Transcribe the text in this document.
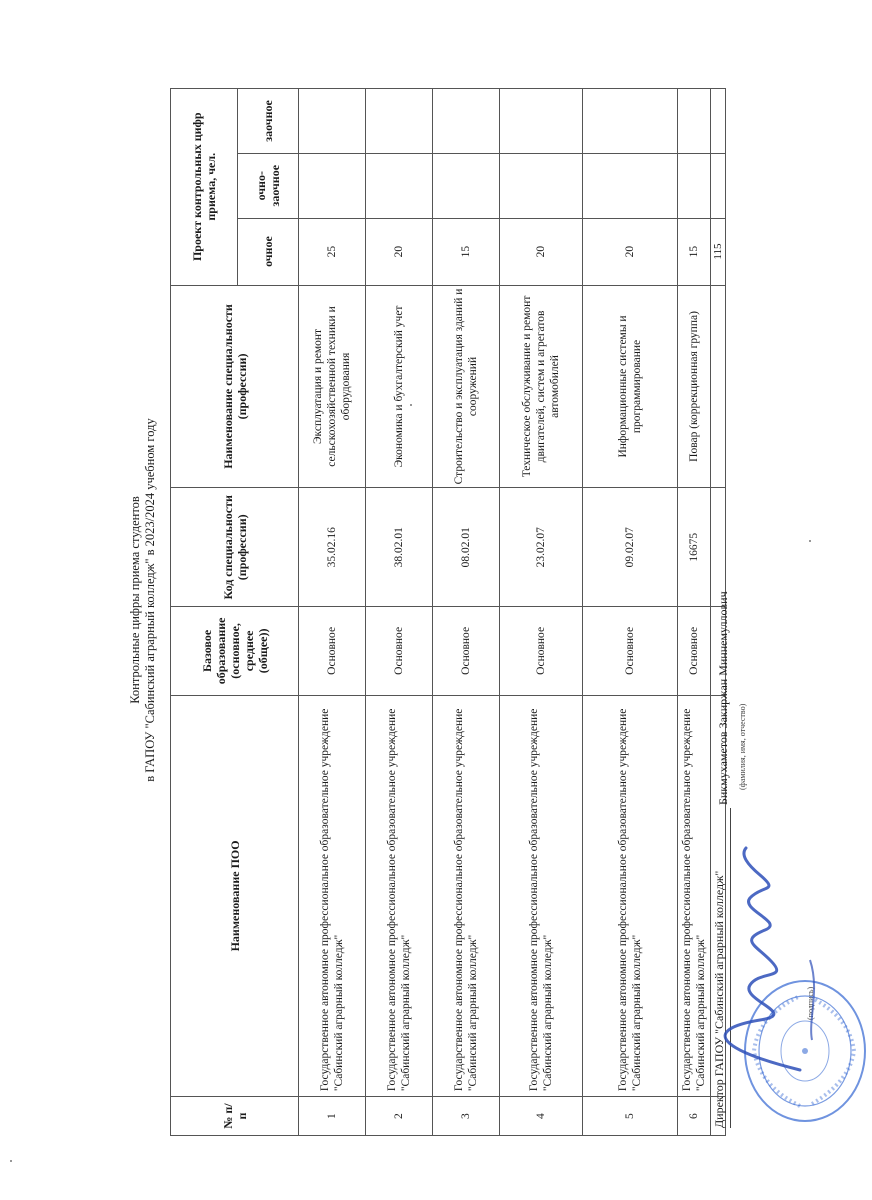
Контрольные цифры приема студентов в ГАПОУ "Сабинский аграрный колледж" в 2023/2024 учебном году
№ п/п	Наименование ПОО	Базовое образование (основное, среднее (общее))	Код специальности (профессии)	Наименование специальности (профессии)	Проект контрольных цифр приема, чел.		
					очное	очно-заочное	заочное
1	Государственное автономное профессиональное образовательное учреждение "Сабинский аграрный колледж"	Основное	35.02.16	Эксплуатация и ремонт сельскохозяйственной техники и оборудования	25		
2	Государственное автономное профессиональное образовательное учреждение "Сабинский аграрный колледж"	Основное	38.02.01	Экономика и бухгалтерский учет	20		
3	Государственное автономное профессиональное образовательное учреждение "Сабинский аграрный колледж"	Основное	08.02.01	Строительство и эксплуатация зданий и сооружений	15		
4	Государственное автономное профессиональное образовательное учреждение "Сабинский аграрный колледж"	Основное	23.02.07	Техническое обслуживание и ремонт двигателей, систем и агрегатов автомобилей	20		
5	Государственное автономное профессиональное образовательное учреждение "Сабинский аграрный колледж"	Основное	09.02.07	Информационные системы и программирование	20		
6	Государственное автономное профессиональное образовательное учреждение "Сабинский аграрный колледж"	Основное	16675	Повар (коррекционная группа)	15		
					115		
Директор ГАПОУ "Сабинский аграрный колледж"
Бикмухаметов Закиржан Миннемуллович (фамилия, имя, отчество)
(подпись)
